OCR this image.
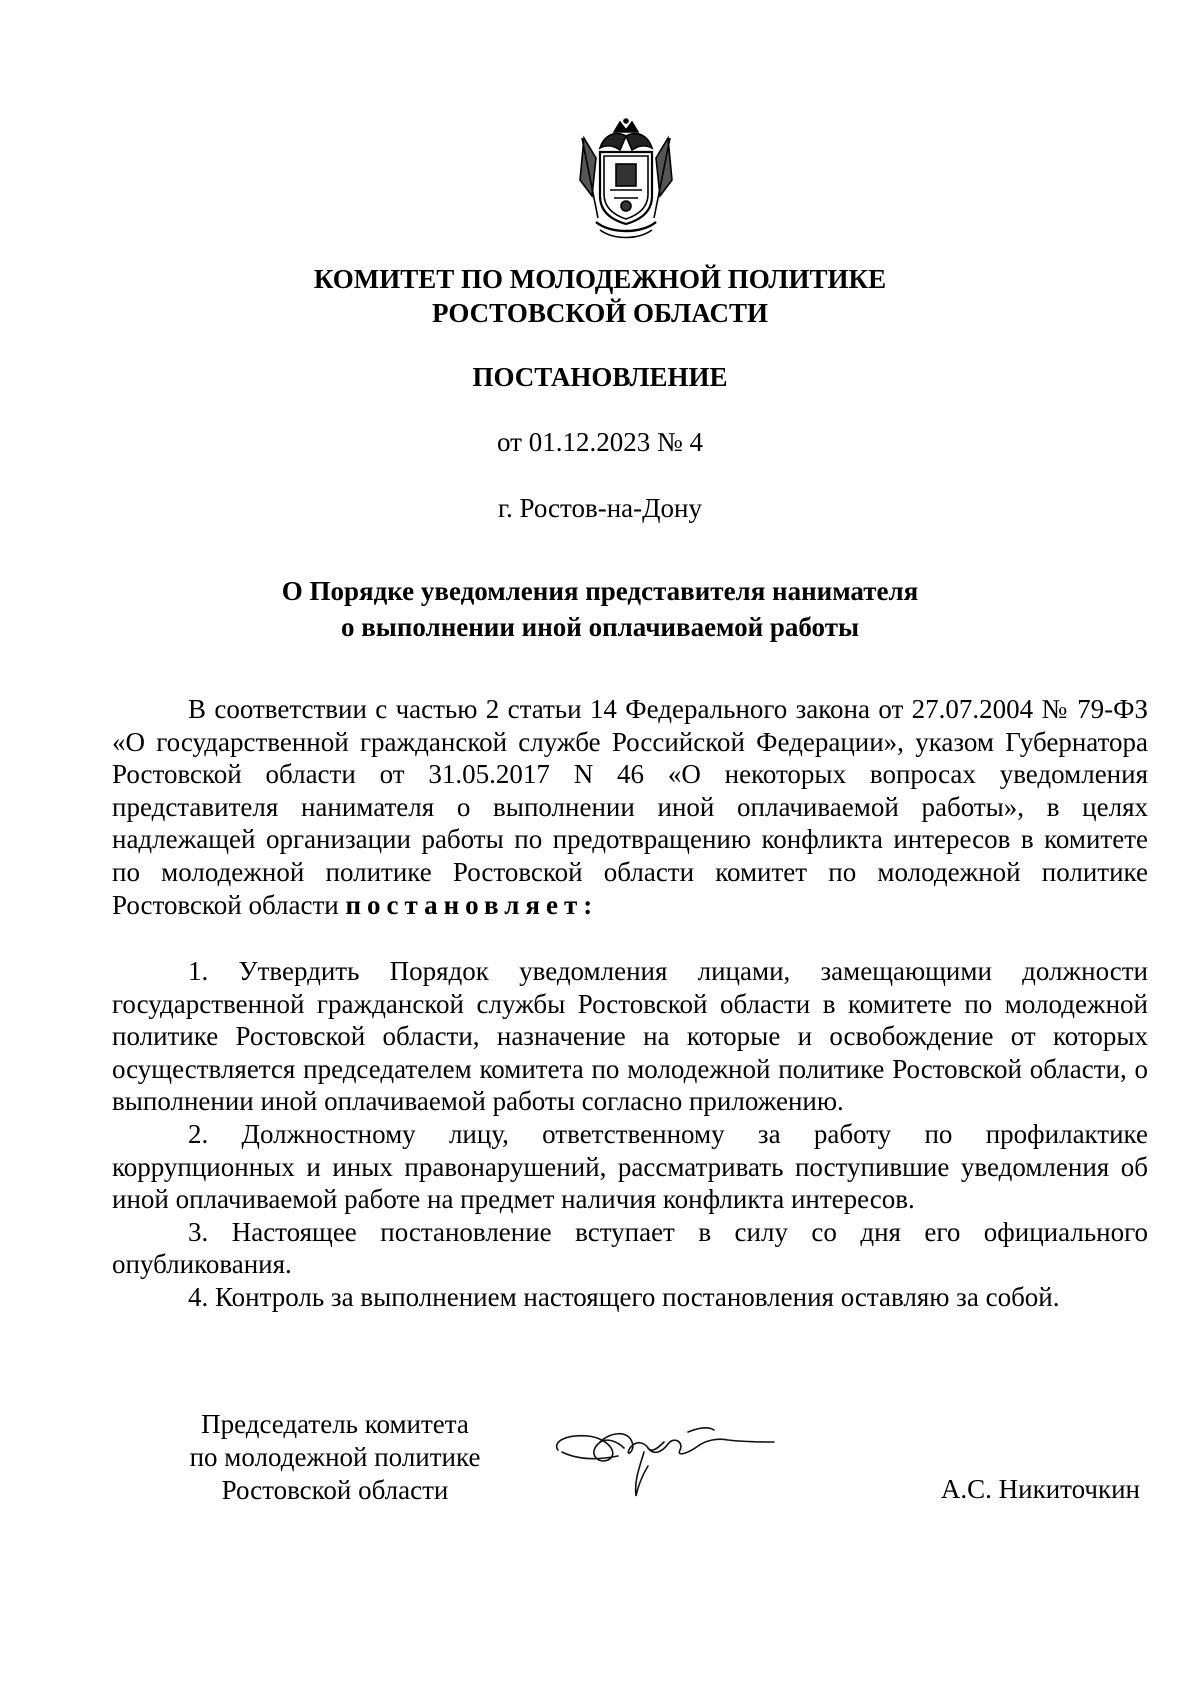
КОМИТЕТ ПО МОЛОДЕЖНОЙ ПОЛИТИКЕ
РОСТОВСКОЙ ОБЛАСТИ
ПОСТАНОВЛЕНИЕ
от 01.12.2023 № 4
г. Ростов-на-Дону
О Порядке уведомления представителя нанимателя
о выполнении иной оплачиваемой работы

В соответствии с частью 2 статьи 14 Федерального закона от 27.07.2004 № 79-ФЗ «О государственной гражданской службе Российской Федерации», указом Губернатора Ростовской области от 31.05.2017 N 46 «О некоторых вопросах уведомления представителя нанимателя о выполнении иной оплачиваемой работы», в целях надлежащей организации работы по предотвращению конфликта интересов в комитете по молодежной политике Ростовской области комитет по молодежной политике Ростовской области постановляет:

1. Утвердить Порядок уведомления лицами, замещающими должности государственной гражданской службы Ростовской области в комитете по молодежной политике Ростовской области, назначение на которые и освобождение от которых осуществляется председателем комитета по молодежной политике Ростовской области, о выполнении иной оплачиваемой работы согласно приложению.

2. Должностному лицу, ответственному за работу по профилактике коррупционных и иных правонарушений, рассматривать поступившие уведомления об иной оплачиваемой работе на предмет наличия конфликта интересов.

3. Настоящее постановление вступает в силу со дня его официального опубликования.

4. Контроль за выполнением настоящего постановления оставляю за собой.

Председатель комитета
по молодежной политике
Ростовской области	А.С. Никиточкин
